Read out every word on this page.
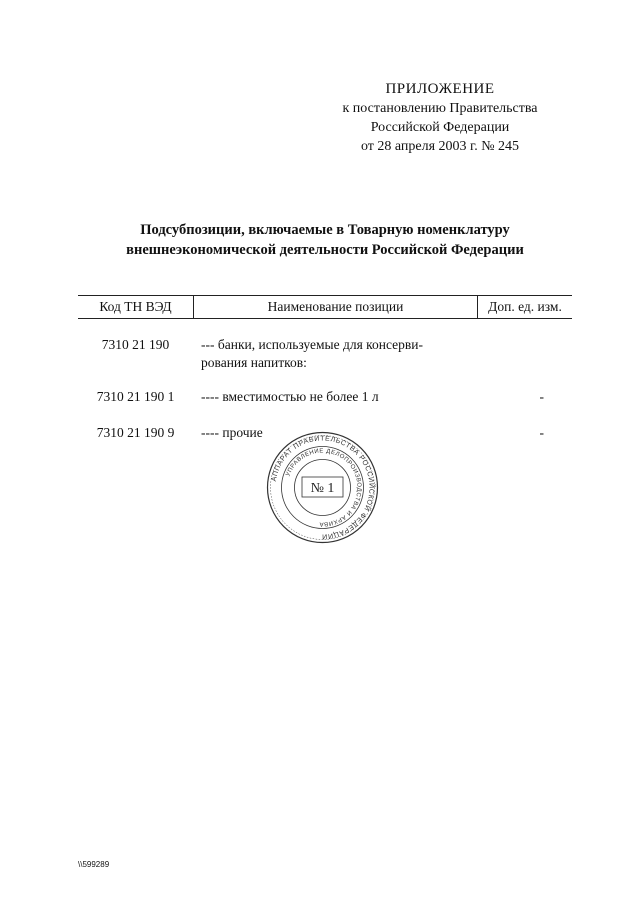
ПРИЛОЖЕНИЕ
к постановлению Правительства
Российской Федерации
от 28 апреля 2003 г. № 245
Подсубпозиции, включаемые в Товарную номенклатуру
внешнеэкономической деятельности Российской Федерации
Код ТН ВЭД	Наименование позиции	Доп. ед. изм.
7310 21 190	--- банки, используемые для консерви-
рования напитков:
7310 21 190 1	---- вместимостью не более 1 л	-
7310 21 190 9	---- прочие	-
АППАРАТ ПРАВИТЕЛЬСТВА РОССИЙСКОЙ ФЕДЕРАЦИИ
УПРАВЛЕНИЕ ДЕЛОПРОИЗВОДСТВА И АРХИВА
№ 1
\\599289
